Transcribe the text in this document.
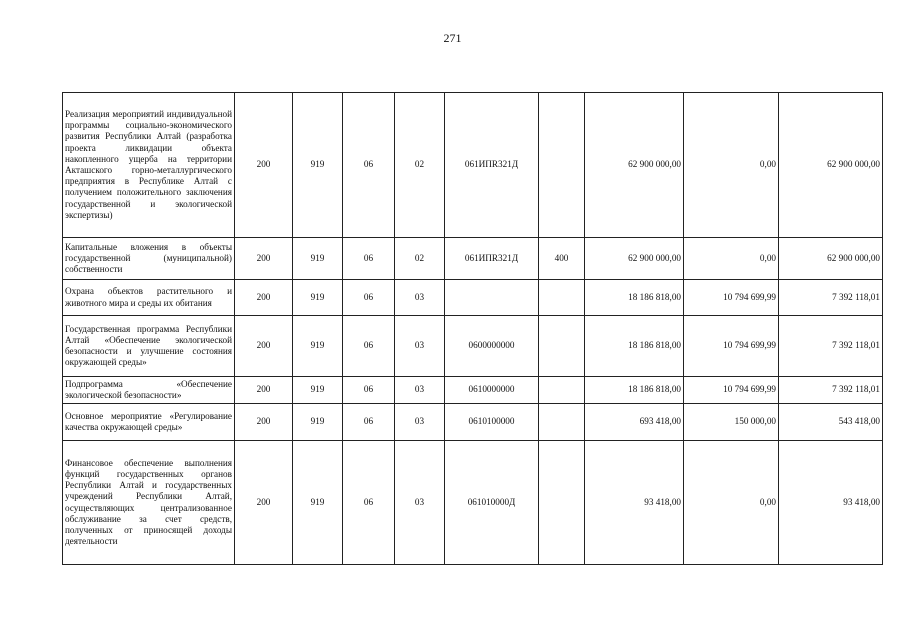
271
Реализация мероприятий индивидуальной программы социально-экономического развития Республики Алтай (разработка проекта ликвидации объекта накопленного ущерба на территории Акташского горно-металлургического предприятия в Республике Алтай с получением положительного заключения государственной и экологической экспертизы)	200	919	06	02	061ИПR321Д		62 900 000,00	0,00	62 900 000,00
Капитальные вложения в объекты государственной (муниципальной) собственности	200	919	06	02	061ИПR321Д	400	62 900 000,00	0,00	62 900 000,00
Охрана объектов растительного и животного мира и среды их обитания	200	919	06	03			18 186 818,00	10 794 699,99	7 392 118,01
Государственная программа Республики Алтай «Обеспечение экологической безопасности и улучшение состояния окружающей среды»	200	919	06	03	0600000000		18 186 818,00	10 794 699,99	7 392 118,01
Подпрограмма «Обеспечение экологической безопасности»	200	919	06	03	0610000000		18 186 818,00	10 794 699,99	7 392 118,01
Основное мероприятие «Регулирование качества окружающей среды»	200	919	06	03	0610100000		693 418,00	150 000,00	543 418,00
Финансовое обеспечение выполнения функций государственных органов Республики Алтай и государственных учреждений Республики Алтай, осуществляющих централизованное обслуживание за счет средств, полученных от приносящей доходы деятельности	200	919	06	03	061010000Д		93 418,00	0,00	93 418,00
